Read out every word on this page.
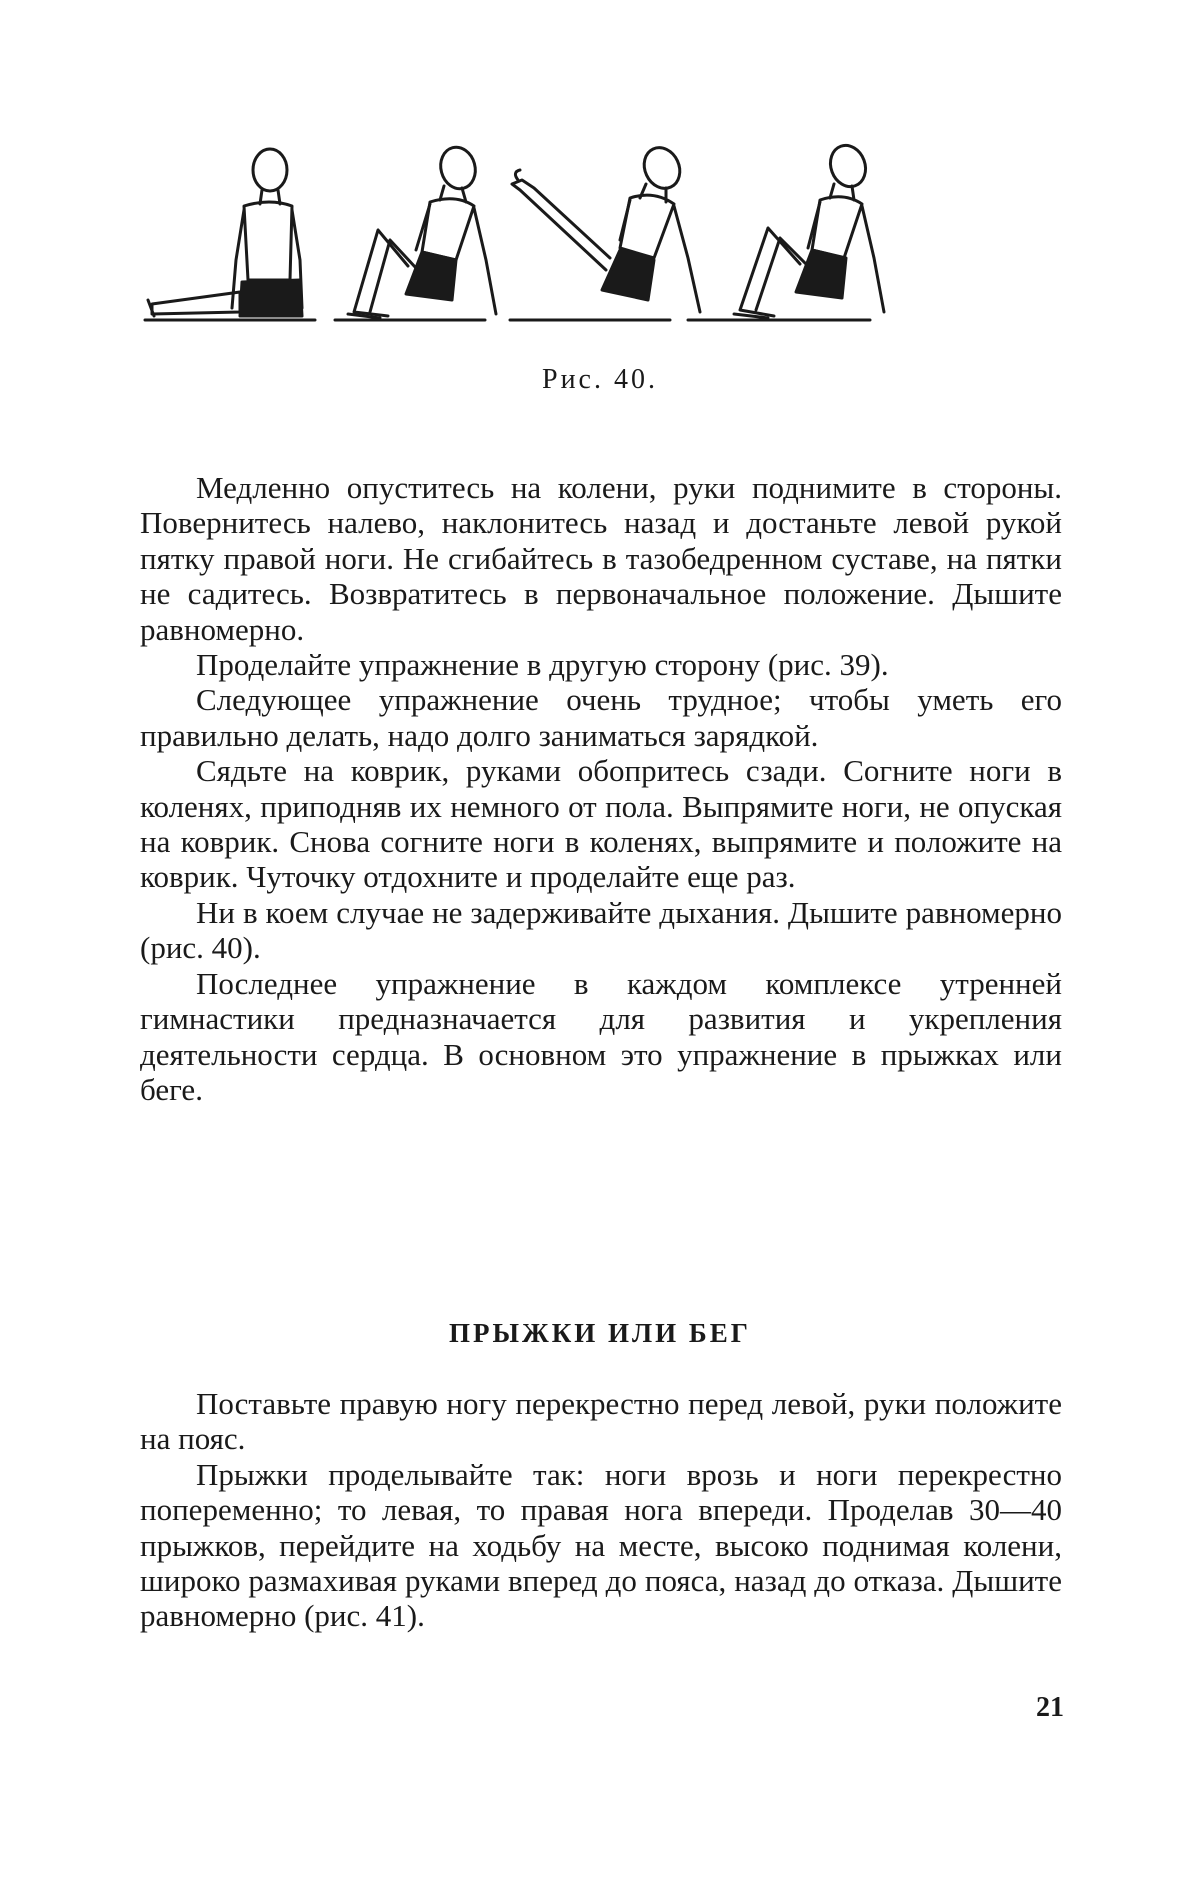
Рис. 40.

Медленно опуститесь на колени, руки поднимите в стороны. Повернитесь налево, наклонитесь назад и достаньте левой рукой пятку правой ноги. Не сгибайтесь в тазобедренном суставе, на пятки не садитесь. Возвратитесь в первоначальное положение. Дышите равномерно.

Проделайте упражнение в другую сторону (рис. 39).

Следующее упражнение очень трудное; чтобы уметь его правильно делать, надо долго заниматься зарядкой.

Сядьте на коврик, руками обопритесь сзади. Согните ноги в коленях, приподняв их немного от пола. Выпрямите ноги, не опуская на коврик. Снова согните ноги в коленях, выпрямите и положите на коврик. Чуточку отдохните и проделайте еще раз.

Ни в коем случае не задерживайте дыхания. Дышите равномерно (рис. 40).

Последнее упражнение в каждом комплексе утренней гимнастики предназначается для развития и укрепления деятельности сердца. В основном это упражнение в прыжках или беге.

ПРЫЖКИ ИЛИ БЕГ

Поставьте правую ногу перекрестно перед левой, руки положите на пояс.

Прыжки проделывайте так: ноги врозь и ноги перекрестно попеременно; то левая, то правая нога впереди. Проделав 30—40 прыжков, перейдите на ходьбу на месте, высоко поднимая колени, широко размахивая руками вперед до пояса, назад до отказа. Дышите равномерно (рис. 41).

21
